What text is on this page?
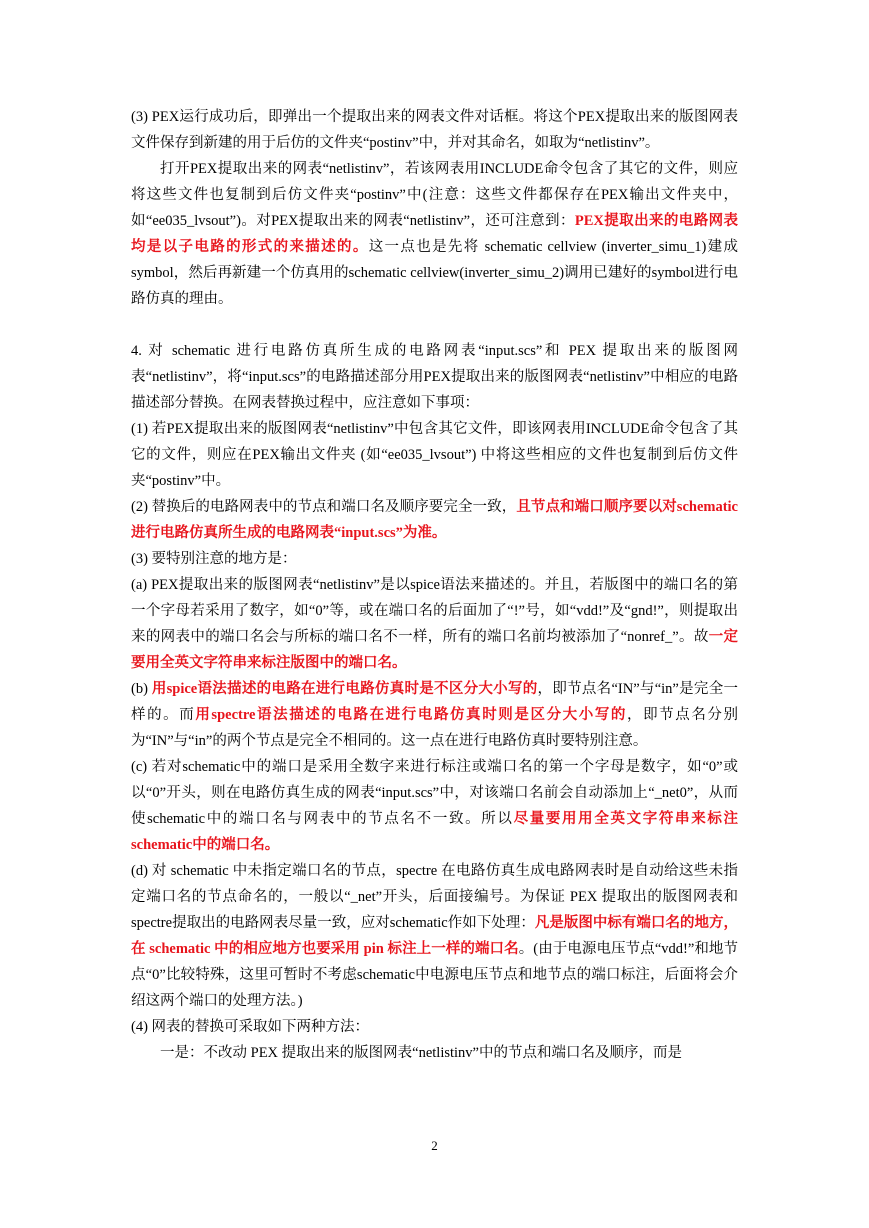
(3) PEX运行成功后，即弹出一个提取出来的网表文件对话框。将这个PEX提取出来的版图网表文件保存到新建的用于后仿的文件夹“postinv”中，并对其命名，如取为“netlistinv”。

打开PEX提取出来的网表“netlistinv”，若该网表用INCLUDE命令包含了其它的文件，则应将这些文件也复制到后仿文件夹“postinv”中(注意：这些文件都保存在PEX输出文件夹中，如“ee035_lvsout”)。对PEX提取出来的网表“netlistinv”，还可注意到：PEX提取出来的电路网表均是以子电路的形式的来描述的。这一点也是先将 schematic cellview (inverter_simu_1)建成symbol，然后再新建一个仿真用的schematic cellview(inverter_simu_2)调用已建好的symbol进行电路仿真的理由。

4. 对 schematic 进行电路仿真所生成的电路网表“input.scs”和 PEX 提取出来的版图网表“netlistinv”，将“input.scs”的电路描述部分用PEX提取出来的版图网表“netlistinv”中相应的电路描述部分替换。在网表替换过程中，应注意如下事项：

(1) 若PEX提取出来的版图网表“netlistinv”中包含其它文件，即该网表用INCLUDE命令包含了其它的文件，则应在PEX输出文件夹 (如“ee035_lvsout”) 中将这些相应的文件也复制到后仿文件夹“postinv”中。

(2) 替换后的电路网表中的节点和端口名及顺序要完全一致，且节点和端口顺序要以对schematic进行电路仿真所生成的电路网表“input.scs”为准。

(3) 要特别注意的地方是：

(a) PEX提取出来的版图网表“netlistinv”是以spice语法来描述的。并且，若版图中的端口名的第一个字母若采用了数字，如“0”等，或在端口名的后面加了“!”号，如“vdd!”及“gnd!”，则提取出来的网表中的端口名会与所标的端口名不一样，所有的端口名前均被添加了“nonref_”。故一定要用全英文字符串来标注版图中的端口名。

(b) 用spice语法描述的电路在进行电路仿真时是不区分大小写的，即节点名“IN”与“in”是完全一样的。而用spectre语法描述的电路在进行电路仿真时则是区分大小写的，即节点名分别为“IN”与“in”的两个节点是完全不相同的。这一点在进行电路仿真时要特别注意。

(c) 若对schematic中的端口是采用全数字来进行标注或端口名的第一个字母是数字，如“0”或以“0”开头，则在电路仿真生成的网表“input.scs”中，对该端口名前会自动添加上“_net0”，从而使schematic中的端口名与网表中的节点名不一致。所以尽量要用用全英文字符串来标注schematic中的端口名。

(d) 对 schematic 中未指定端口名的节点，spectre 在电路仿真生成电路网表时是自动给这些未指定端口名的节点命名的，一般以“_net”开头，后面接编号。为保证 PEX 提取出的版图网表和spectre提取出的电路网表尽量一致，应对schematic作如下处理：凡是版图中标有端口名的地方，在 schematic 中的相应地方也要采用 pin 标注上一样的端口名。(由于电源电压节点“vdd!”和地节点“0”比较特殊，这里可暂时不考虑schematic中电源电压节点和地节点的端口标注，后面将会介绍这两个端口的处理方法。)

(4) 网表的替换可采取如下两种方法：

一是：不改动 PEX 提取出来的版图网表“netlistinv”中的节点和端口名及顺序，而是

2
